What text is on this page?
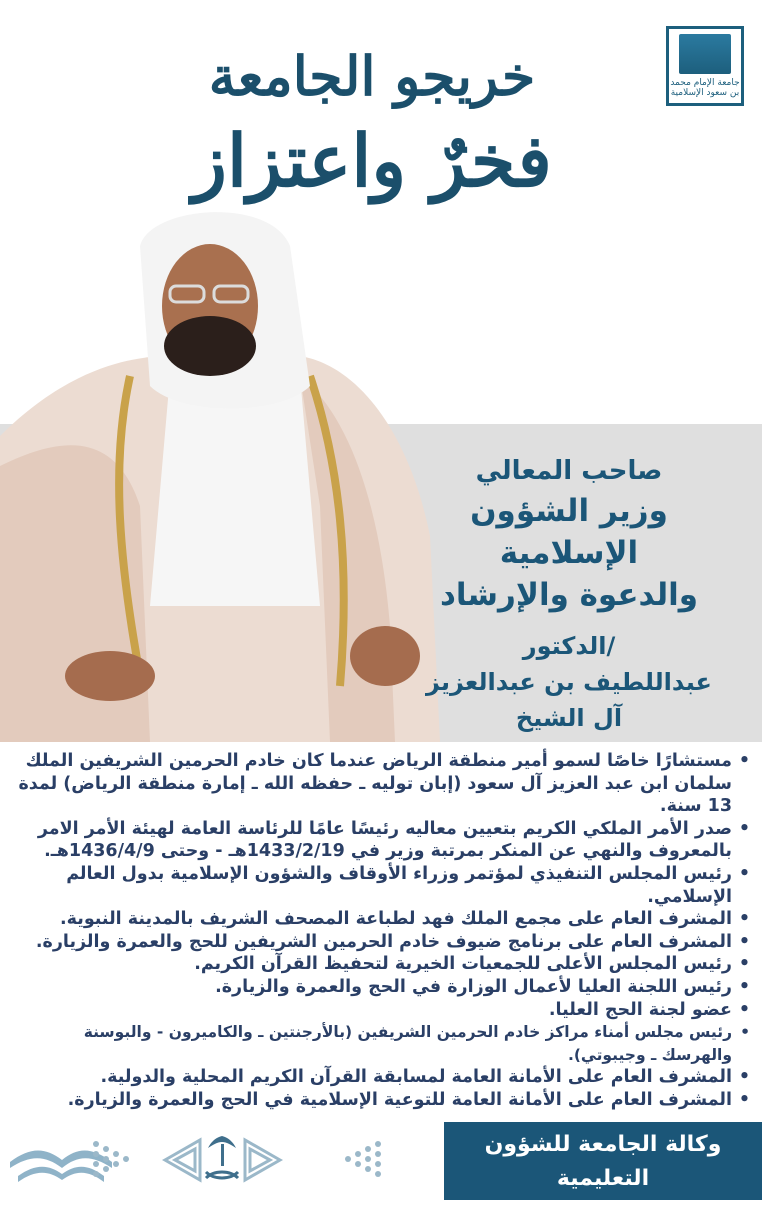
جامعة الإمام محمد بن سعود الإسلامية
خريجو الجامعة
فخرٌ واعتزاز
صاحب المعالي
وزير الشؤون الإسلامية
والدعوة والإرشاد
الدكتور/
عبداللطيف بن عبدالعزيز
آل الشيخ
• مستشارًا خاصًا لسمو أمير منطقة الرياض عندما كان خادم الحرمين الشريفين الملك سلمان ابن عبد العزيز آل سعود (إبان توليه ـ حفظه الله ـ إمارة منطقة الرياض) لمدة 13 سنة.
• صدر الأمر الملكي الكريم بتعيين معاليه رئيسًا عامًا للرئاسة العامة لهيئة الأمر الامر بالمعروف والنهي عن المنكر بمرتبة وزير في 1433/2/19هـ - وحتى 1436/4/9هـ.
• رئيس المجلس التنفيذي لمؤتمر وزراء الأوقاف والشؤون الإسلامية بدول العالم الإسلامي.
• المشرف العام على مجمع الملك فهد لطباعة المصحف الشريف بالمدينة النبوية.
• المشرف العام على برنامج ضيوف خادم الحرمين الشريفين للحج والعمرة والزيارة.
• رئيس المجلس الأعلى للجمعيات الخيرية لتحفيظ القرآن الكريم.
• رئيس اللجنة العليا لأعمال الوزارة في الحج والعمرة والزيارة.
• عضو لجنة الحج العليا.
• رئيس مجلس أمناء مراكز خادم الحرمين الشريفين (بالأرجنتين ـ والكاميرون - والبوسنة والهرسك ـ وجيبوتي).
• المشرف العام على الأمانة العامة لمسابقة القرآن الكريم المحلية والدولية.
• المشرف العام على الأمانة العامة للتوعية الإسلامية في الحج والعمرة والزيارة.
وكالة الجامعة للشؤون التعليمية
مركز شؤون الخريجين
